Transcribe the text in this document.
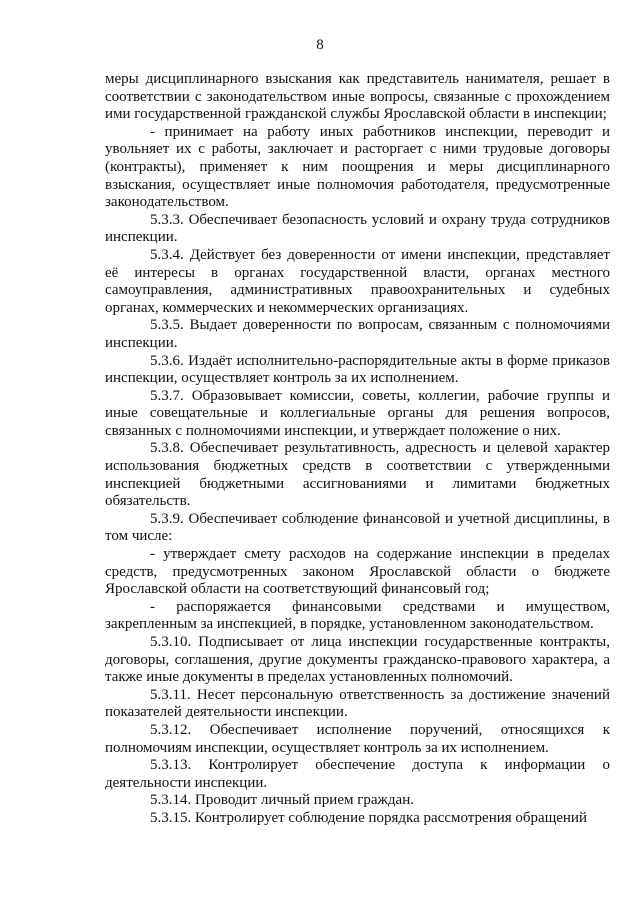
8

меры дисциплинарного взыскания как представитель нанимателя, решает в соответствии с законодательством иные вопросы, связанные с прохождением ими государственной гражданской службы Ярославской области в инспекции;

- принимает на работу иных работников инспекции, переводит и увольняет их с работы, заключает и расторгает с ними трудовые договоры (контракты), применяет к ним поощрения и меры дисциплинарного взыскания, осуществляет иные полномочия работодателя, предусмотренные законодательством.

5.3.3. Обеспечивает безопасность условий и охрану труда сотрудников инспекции.

5.3.4. Действует без доверенности от имени инспекции, представляет её интересы в органах государственной власти, органах местного самоуправления, административных правоохранительных и судебных органах, коммерческих и некоммерческих организациях.

5.3.5. Выдает доверенности по вопросам, связанным с полномочиями инспекции.

5.3.6. Издаёт исполнительно-распорядительные акты в форме приказов инспекции, осуществляет контроль за их исполнением.

5.3.7. Образовывает комиссии, советы, коллегии, рабочие группы и иные совещательные и коллегиальные органы для решения вопросов, связанных с полномочиями инспекции, и утверждает положение о них.

5.3.8. Обеспечивает результативность, адресность и целевой характер использования бюджетных средств в соответствии с утвержденными инспекцией бюджетными ассигнованиями и лимитами бюджетных обязательств.

5.3.9. Обеспечивает соблюдение финансовой и учетной дисциплины, в том числе:

- утверждает смету расходов на содержание инспекции в пределах средств, предусмотренных законом Ярославской области о бюджете Ярославской области на соответствующий финансовый год;

- распоряжается финансовыми средствами и имуществом, закрепленным за инспекцией, в порядке, установленном законодательством.

5.3.10. Подписывает от лица инспекции государственные контракты, договоры, соглашения, другие документы гражданско-правового характера, а также иные документы в пределах установленных полномочий.

5.3.11. Несет персональную ответственность за достижение значений показателей деятельности инспекции.

5.3.12. Обеспечивает исполнение поручений, относящихся к полномочиям инспекции, осуществляет контроль за их исполнением.

5.3.13. Контролирует обеспечение доступа к информации о деятельности инспекции.

5.3.14. Проводит личный прием граждан.

5.3.15. Контролирует соблюдение порядка рассмотрения обращений
